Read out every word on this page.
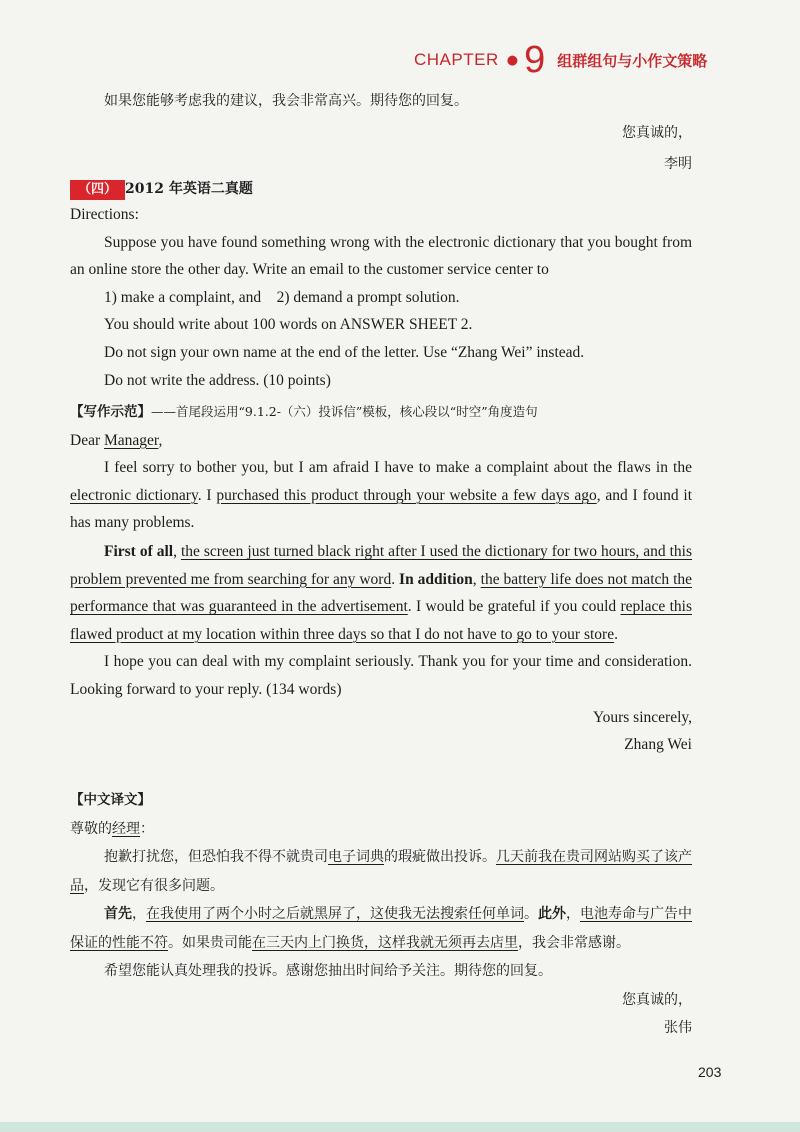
CHAPTER ● 9 组群组句与小作文策略
如果您能够考虑我的建议，我会非常高兴。期待您的回复。
您真诚的，
李明
（四） 2012 年英语二真题
Directions:
Suppose you have found something wrong with the electronic dictionary that you bought from an online store the other day. Write an email to the customer service center to
1) make a complaint, and    2) demand a prompt solution.
You should write about 100 words on ANSWER SHEET 2.
Do not sign your own name at the end of the letter. Use “Zhang Wei” instead.
Do not write the address. (10 points)
【写作示范】——首尾段运用“9.1.2-（六）投诉信”模板，核心段以“时空”角度造句
Dear Manager,
I feel sorry to bother you, but I am afraid I have to make a complaint about the flaws in the electronic dictionary. I purchased this product through your website a few days ago, and I found it has many problems.
First of all, the screen just turned black right after I used the dictionary for two hours, and this problem prevented me from searching for any word. In addition, the battery life does not match the performance that was guaranteed in the advertisement. I would be grateful if you could replace this flawed product at my location within three days so that I do not have to go to your store.
I hope you can deal with my complaint seriously. Thank you for your time and consideration. Looking forward to your reply. (134 words)
Yours sincerely,
Zhang Wei
【中文译文】
尊敬的经理：
抱歉打扰您，但恐怕我不得不就贵司电子词典的瑕疵做出投诉。几天前我在贵司网站购买了该产品，发现它有很多问题。
首先，在我使用了两个小时之后就黑屏了，这使我无法搜索任何单词。此外，电池寿命与广告中保证的性能不符。如果贵司能在三天内上门换货，这样我就无须再去店里，我会非常感谢。
希望您能认真处理我的投诉。感谢您抽出时间给予关注。期待您的回复。
您真诚的，
张伟
203
